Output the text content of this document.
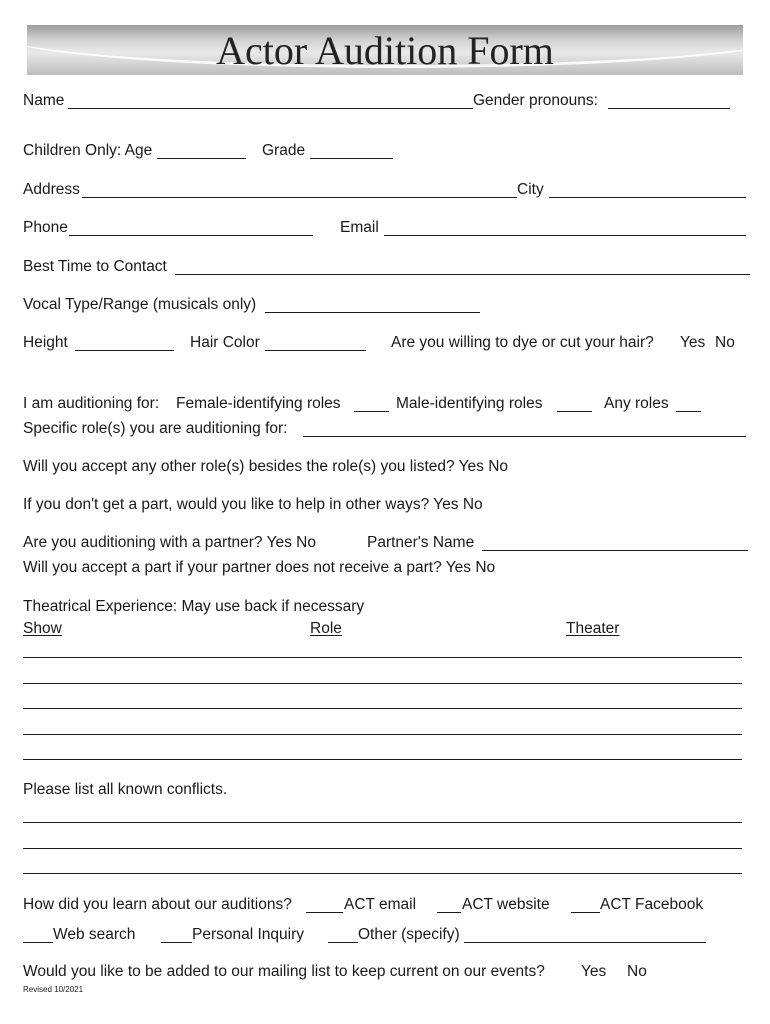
Actor Audition Form
Name	Gender pronouns:
Children Only: Age	Grade
Address	City
Phone	Email
Best Time to Contact
Vocal Type/Range (musicals only)
Height	Hair Color	Are you willing to dye or cut your hair? Yes No
I am auditioning for: Female-identifying roles	Male-identifying roles	Any roles
Specific role(s) you are auditioning for:
Will you accept any other role(s) besides the role(s) you listed? Yes No
If you don't get a part, would you like to help in other ways? Yes No
Are you auditioning with a partner? Yes No	Partner's Name
Will you accept a part if your partner does not receive a part? Yes No
Theatrical Experience: May use back if necessary
Show	Role	Theater
Please list all known conflicts.
How did you learn about our auditions?	ACT email	ACT website	ACT Facebook
Web search	Personal Inquiry	Other (specify)
Would you like to be added to our mailing list to keep current on our events? Yes No
Revised 10/2021
